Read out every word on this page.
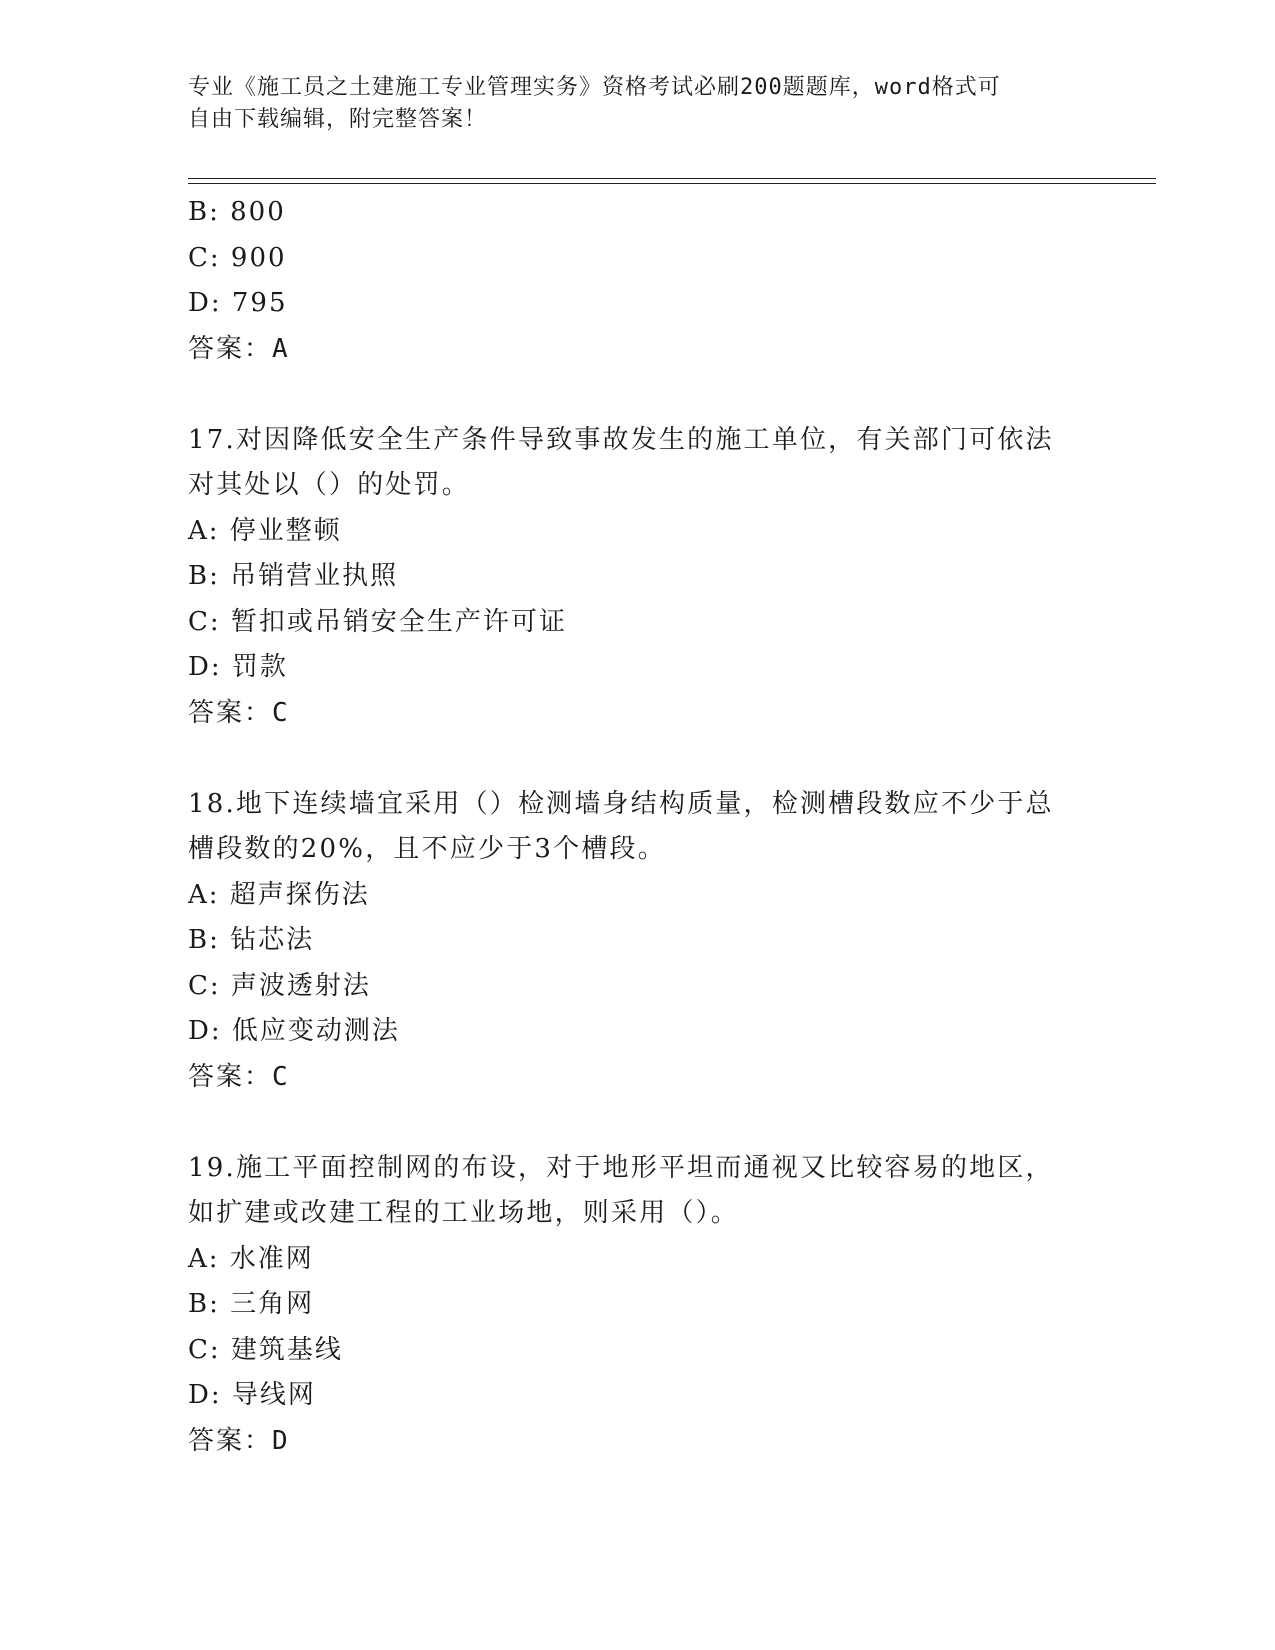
专业《施工员之土建施工专业管理实务》资格考试必刷200题题库，word格式可
自由下载编辑，附完整答案！
B: 800
C: 900
D: 795
答案：A
17.对因降低安全生产条件导致事故发生的施工单位，有关部门可依法
对其处以（）的处罚。
A: 停业整顿
B: 吊销营业执照
C: 暂扣或吊销安全生产许可证
D: 罚款
答案：C
18.地下连续墙宜采用（）检测墙身结构质量，检测槽段数应不少于总
槽段数的20%，且不应少于3个槽段。
A: 超声探伤法
B: 钻芯法
C: 声波透射法
D: 低应变动测法
答案：C
19.施工平面控制网的布设，对于地形平坦而通视又比较容易的地区，
如扩建或改建工程的工业场地，则采用（）。
A: 水准网
B: 三角网
C: 建筑基线
D: 导线网
答案：D
